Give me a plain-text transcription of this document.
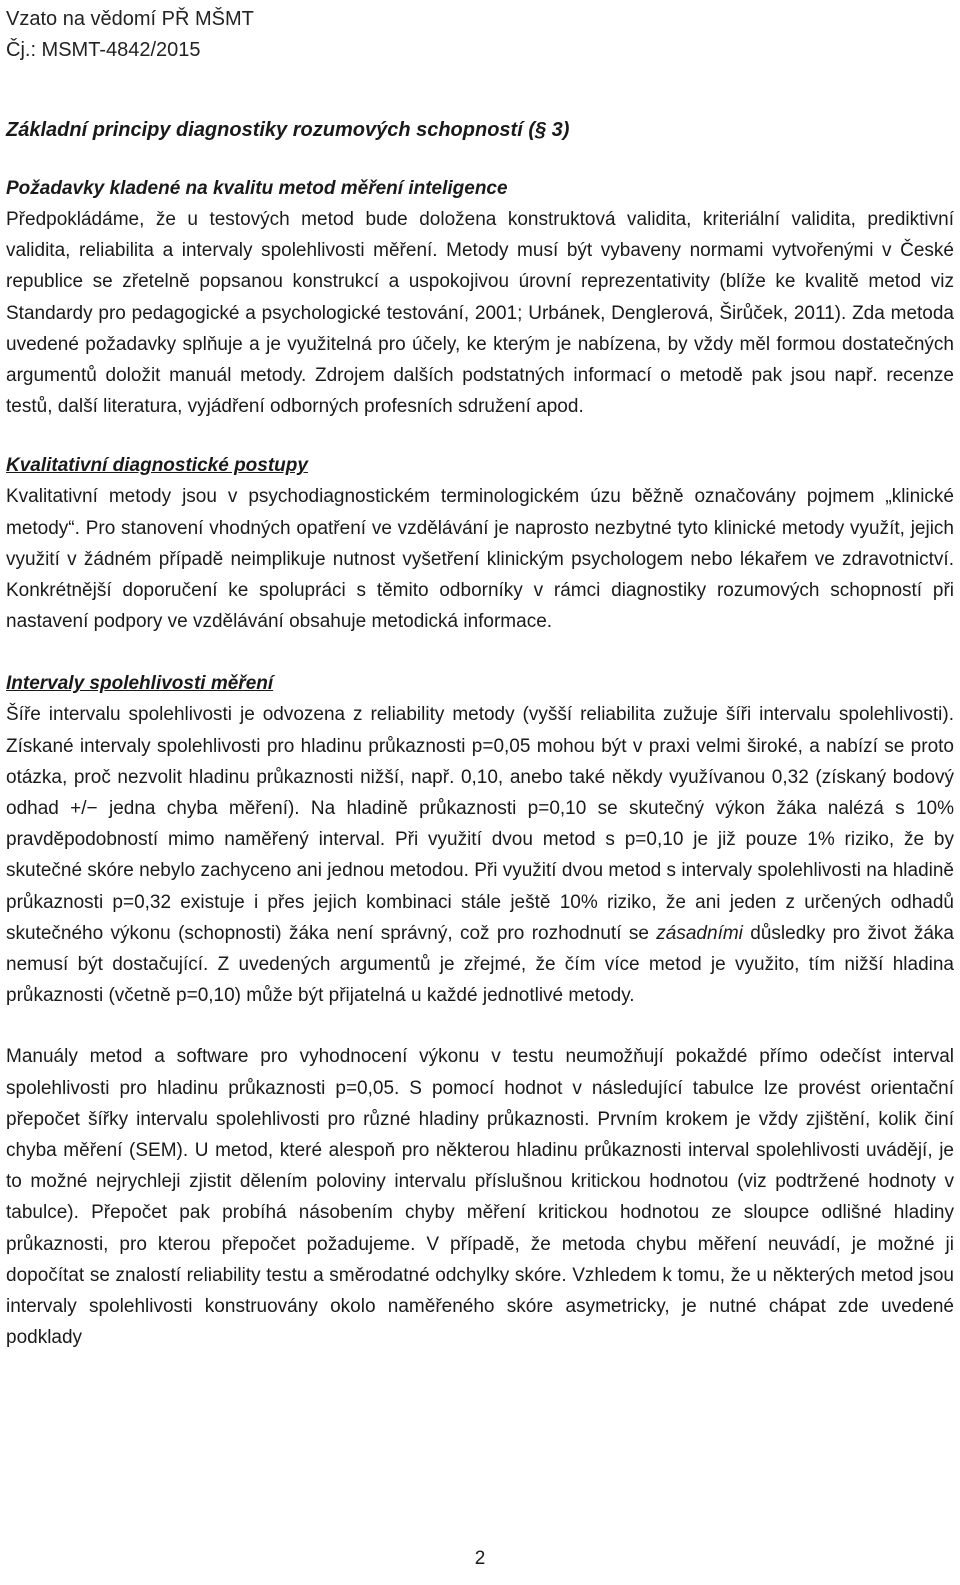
Vzato na vědomí PŘ MŠMT
Čj.: MSMT-4842/2015
Základní principy diagnostiky rozumových schopností (§ 3)
Požadavky kladené na kvalitu metod měření inteligence

Předpokládáme, že u testových metod bude doložena konstruktová validita, kriteriální validita, prediktivní validita, reliabilita a intervaly spolehlivosti měření. Metody musí být vybaveny normami vytvořenými v České republice se zřetelně popsanou konstrukcí a uspokojivou úrovní reprezentativity (blíže ke kvalitě metod viz Standardy pro pedagogické a psychologické testování, 2001; Urbánek, Denglerová, Širůček, 2011). Zda metoda uvedené požadavky splňuje a je využitelná pro účely, ke kterým je nabízena, by vždy měl formou dostatečných argumentů doložit manuál metody. Zdrojem dalších podstatných informací o metodě pak jsou např. recenze testů, další literatura, vyjádření odborných profesních sdružení apod.

Kvalitativní diagnostické postupy

Kvalitativní metody jsou v psychodiagnostickém terminologickém úzu běžně označovány pojmem „klinické metody“. Pro stanovení vhodných opatření ve vzdělávání je naprosto nezbytné tyto klinické metody využít, jejich využití v žádném případě neimplikuje nutnost vyšetření klinickým psychologem nebo lékařem ve zdravotnictví. Konkrétnější doporučení ke spolupráci s těmito odborníky v rámci diagnostiky rozumových schopností při nastavení podpory ve vzdělávání obsahuje metodická informace.

Intervaly spolehlivosti měření

Šíře intervalu spolehlivosti je odvozena z reliability metody (vyšší reliabilita zužuje šíři intervalu spolehlivosti). Získané intervaly spolehlivosti pro hladinu průkaznosti p=0,05 mohou být v praxi velmi široké, a nabízí se proto otázka, proč nezvolit hladinu průkaznosti nižší, např. 0,10, anebo také někdy využívanou 0,32 (získaný bodový odhad +/− jedna chyba měření). Na hladině průkaznosti p=0,10 se skutečný výkon žáka nalézá s 10% pravděpodobností mimo naměřený interval. Při využití dvou metod s p=0,10 je již pouze 1% riziko, že by skutečné skóre nebylo zachyceno ani jednou metodou. Při využití dvou metod s intervaly spolehlivosti na hladině průkaznosti p=0,32 existuje i přes jejich kombinaci stále ještě 10% riziko, že ani jeden z určených odhadů skutečného výkonu (schopnosti) žáka není správný, což pro rozhodnutí se zásadními důsledky pro život žáka nemusí být dostačující. Z uvedených argumentů je zřejmé, že čím více metod je využito, tím nižší hladina průkaznosti (včetně p=0,10) může být přijatelná u každé jednotlivé metody.

Manuály metod a software pro vyhodnocení výkonu v testu neumožňují pokaždé přímo odečíst interval spolehlivosti pro hladinu průkaznosti p=0,05. S pomocí hodnot v následující tabulce lze provést orientační přepočet šířky intervalu spolehlivosti pro různé hladiny průkaznosti. Prvním krokem je vždy zjištění, kolik činí chyba měření (SEM). U metod, které alespoň pro některou hladinu průkaznosti interval spolehlivosti uvádějí, je to možné nejrychleji zjistit dělením poloviny intervalu příslušnou kritickou hodnotou (viz podtržené hodnoty v tabulce). Přepočet pak probíhá násobením chyby měření kritickou hodnotou ze sloupce odlišné hladiny průkaznosti, pro kterou přepočet požadujeme. V případě, že metoda chybu měření neuvádí, je možné ji dopočítat se znalostí reliability testu a směrodatné odchylky skóre. Vzhledem k tomu, že u některých metod jsou intervaly spolehlivosti konstruovány okolo naměřeného skóre asymetricky, je nutné chápat zde uvedené podklady

2
